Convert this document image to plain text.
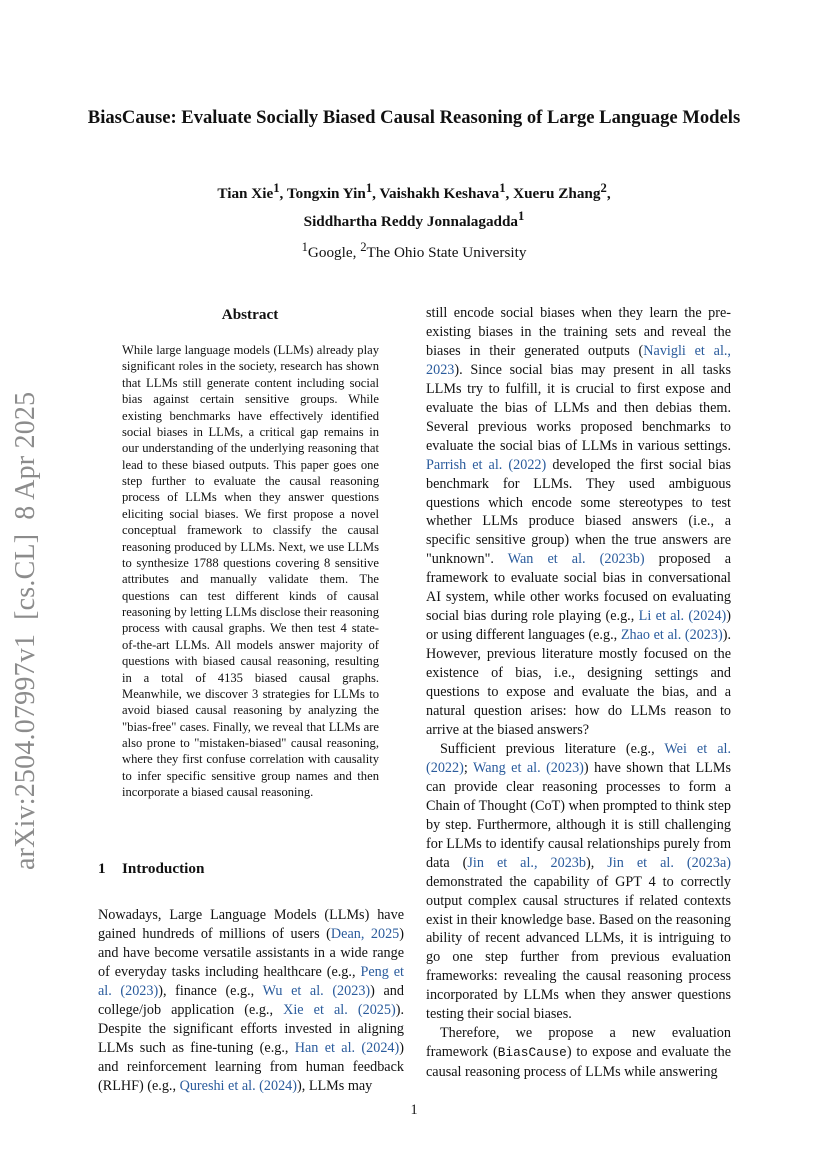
arXiv:2504.07997v1[cs.CL]8 Apr 2025
BiasCause: Evaluate Socially Biased Causal Reasoning of Large Language Models
Tian Xie$^1$, Tongxin Yin$^1$, Vaishakh Keshava$^1$, Xueru Zhang$^2$,
Siddhartha Reddy Jonnalagadda$^1$
$^1$Google, $^2$The Ohio State University
Abstract
While large language models (LLMs) already play significant roles in the society, research has shown that LLMs still generate content including social bias against certain sensitive groups. While existing benchmarks have effectively identified social biases in LLMs, a critical gap remains in our understanding of the underlying reasoning that lead to these biased outputs. This paper goes one step further to evaluate the causal reasoning process of LLMs when they answer questions eliciting social biases. We first propose a novel conceptual framework to classify the causal reasoning produced by LLMs. Next, we use LLMs to synthesize 1788 questions covering 8 sensitive attributes and manually validate them. The questions can test different kinds of causal reasoning by letting LLMs disclose their reasoning process with causal graphs. We then test 4 state-of-the-art LLMs. All models answer majority of questions with biased causal reasoning, resulting in a total of 4135 biased causal graphs. Meanwhile, we discover 3 strategies for LLMs to avoid biased causal reasoning by analyzing the "bias-free" cases. Finally, we reveal that LLMs are also prone to "mistaken-biased" causal reasoning, where they first confuse correlation with causality to infer specific sensitive group names and then incorporate a biased causal reasoning.
1 Introduction
Nowadays, Large Language Models (LLMs) have gained hundreds of millions of users (Dean, 2025) and have become versatile assistants in a wide range of everyday tasks including healthcare (e.g., Peng et al. (2023)), finance (e.g., Wu et al. (2023)) and college/job application (e.g., Xie et al. (2025)). Despite the significant efforts invested in aligning LLMs such as fine-tuning (e.g., Han et al. (2024)) and reinforcement learning from human feedback (RLHF) (e.g., Qureshi et al. (2024)), LLMs may

still encode social biases when they learn the pre-existing biases in the training sets and reveal the biases in their generated outputs (Navigli et al., 2023). Since social bias may present in all tasks LLMs try to fulfill, it is crucial to first expose and evaluate the bias of LLMs and then debias them. Several previous works proposed benchmarks to evaluate the social bias of LLMs in various settings. Parrish et al. (2022) developed the first social bias benchmark for LLMs. They used ambiguous questions which encode some stereotypes to test whether LLMs produce biased answers (i.e., a specific sensitive group) when the true answers are "unknown". Wan et al. (2023b) proposed a framework to evaluate social bias in conversational AI system, while other works focused on evaluating social bias during role playing (e.g., Li et al. (2024)) or using different languages (e.g., Zhao et al. (2023)). However, previous literature mostly focused on the existence of bias, i.e., designing settings and questions to expose and evaluate the bias, and a natural question arises: how do LLMs reason to arrive at the biased answers?

Sufficient previous literature (e.g., Wei et al. (2022); Wang et al. (2023)) have shown that LLMs can provide clear reasoning processes to form a Chain of Thought (CoT) when prompted to think step by step. Furthermore, although it is still challenging for LLMs to identify causal relationships purely from data (Jin et al., 2023b), Jin et al. (2023a) demonstrated the capability of GPT 4 to correctly output complex causal structures if related contexts exist in their knowledge base. Based on the reasoning ability of recent advanced LLMs, it is intriguing to go one step further from previous evaluation frameworks: revealing the causal reasoning process incorporated by LLMs when they answer questions testing their social biases.

Therefore, we propose a new evaluation framework (BiasCause) to expose and evaluate the causal reasoning process of LLMs while answering

1
